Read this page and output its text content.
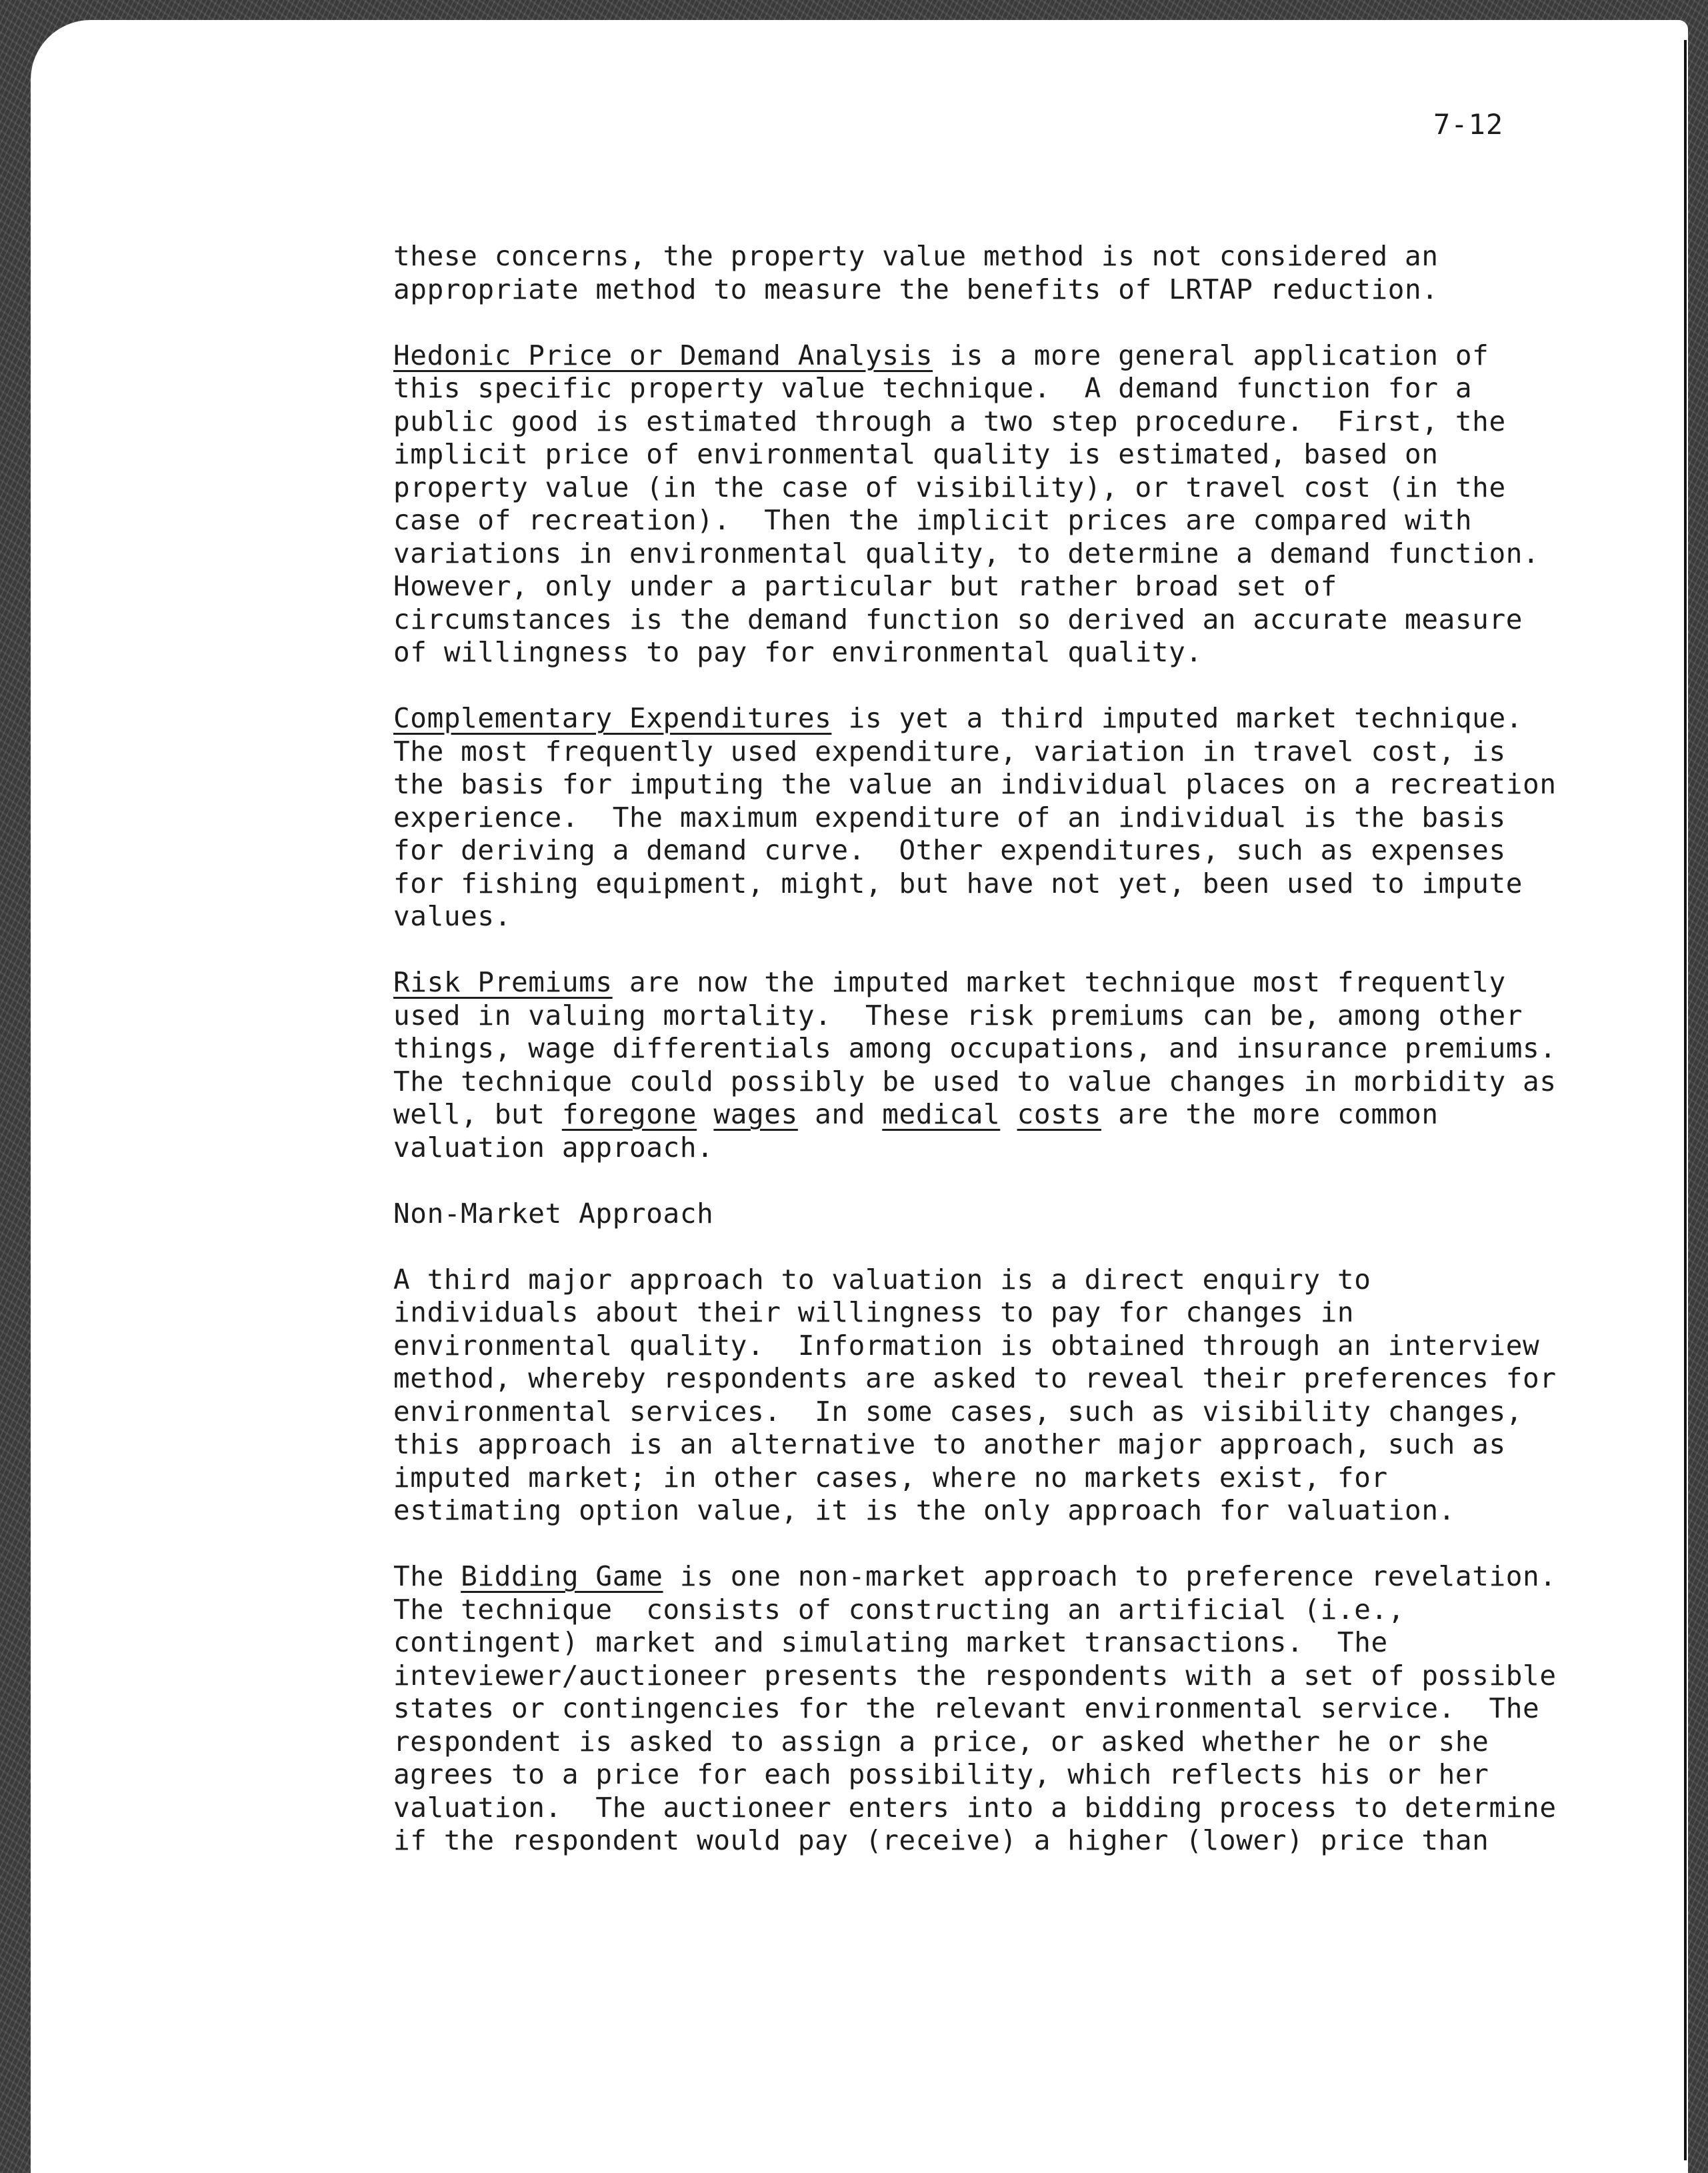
7-12
these concerns, the property value method is not considered an
appropriate method to measure the benefits of LRTAP reduction.
Hedonic Price or Demand Analysis is a more general application of
this specific property value technique.  A demand function for a
public good is estimated through a two step procedure.  First, the
implicit price of environmental quality is estimated, based on
property value (in the case of visibility), or travel cost (in the
case of recreation).  Then the implicit prices are compared with
variations in environmental quality, to determine a demand function.
However, only under a particular but rather broad set of
circumstances is the demand function so derived an accurate measure
of willingness to pay for environmental quality.
Complementary Expenditures is yet a third imputed market technique.
The most frequently used expenditure, variation in travel cost, is
the basis for imputing the value an individual places on a recreation
experience.  The maximum expenditure of an individual is the basis
for deriving a demand curve.  Other expenditures, such as expenses
for fishing equipment, might, but have not yet, been used to impute
values.
Risk Premiums are now the imputed market technique most frequently
used in valuing mortality.  These risk premiums can be, among other
things, wage differentials among occupations, and insurance premiums.
The technique could possibly be used to value changes in morbidity as
well, but foregone wages and medical costs are the more common
valuation approach.
Non-Market Approach
A third major approach to valuation is a direct enquiry to
individuals about their willingness to pay for changes in
environmental quality.  Information is obtained through an interview
method, whereby respondents are asked to reveal their preferences for
environmental services.  In some cases, such as visibility changes,
this approach is an alternative to another major approach, such as
imputed market; in other cases, where no markets exist, for
estimating option value, it is the only approach for valuation.
The Bidding Game is one non-market approach to preference revelation.
The technique  consists of constructing an artificial (i.e.,
contingent) market and simulating market transactions.  The
inteviewer/auctioneer presents the respondents with a set of possible
states or contingencies for the relevant environmental service.  The
respondent is asked to assign a price, or asked whether he or she
agrees to a price for each possibility, which reflects his or her
valuation.  The auctioneer enters into a bidding process to determine
if the respondent would pay (receive) a higher (lower) price than
